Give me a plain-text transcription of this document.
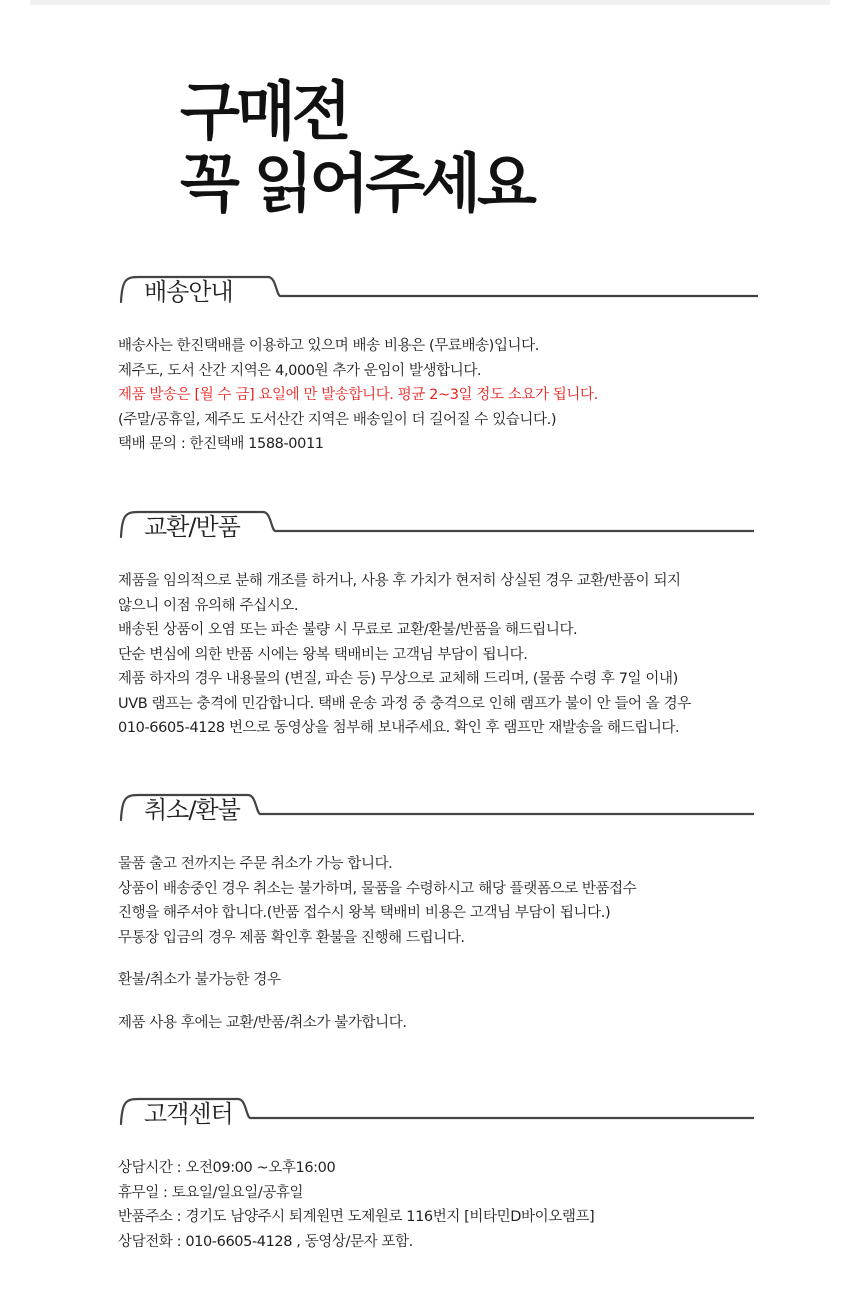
구매전
꼭 읽어주세요
배송안내
배송사는 한진택배를 이용하고 있으며 배송 비용은 (무료배송)입니다.
제주도, 도서 산간 지역은 4,000원 추가 운임이 발생합니다.
제품 발송은 [월 수 금] 요일에 만 발송합니다. 평균 2~3일 정도 소요가 됩니다.
(주말/공휴일, 제주도 도서산간 지역은 배송일이 더 길어질 수 있습니다.)
택배 문의 : 한진택배 1588-0011
교환/반품
제품을 임의적으로 분해 개조를 하거나, 사용 후 가치가 현저히 상실된 경우 교환/반품이 되지
않으니 이점 유의해 주십시오.
배송된 상품이 오염 또는 파손 불량 시 무료로 교환/환불/반품을 해드립니다.
단순 변심에 의한 반품 시에는 왕복 택배비는 고객님 부담이 됩니다.
제품 하자의 경우 내용물의 (변질, 파손 등) 무상으로 교체해 드리며, (물품 수령 후 7일 이내)
UVB 램프는 충격에 민감합니다. 택배 운송 과정 중 충격으로 인해 램프가 불이 안 들어 올 경우
010-6605-4128 번으로 동영상을 첨부해 보내주세요. 확인 후 램프만 재발송을 해드립니다.
취소/환불
물품 출고 전까지는 주문 취소가 가능 합니다.
상품이 배송중인 경우 취소는 불가하며, 물품을 수령하시고 해당 플랫폼으로 반품접수
진행을 해주셔야 합니다.(반품 접수시 왕복 택배비 비용은 고객님 부담이 됩니다.)
무통장 입금의 경우 제품 확인후 환불을 진행해 드립니다.
환불/취소가 불가능한 경우
제품 사용 후에는 교환/반품/취소가 불가합니다.
고객센터
상담시간 : 오전09:00 ~오후16:00
휴무일 : 토요일/일요일/공휴일
반품주소 : 경기도 남양주시 퇴계원면 도제원로 116번지 [비타민D바이오램프]
상담전화 : 010-6605-4128 , 동영상/문자 포함.
